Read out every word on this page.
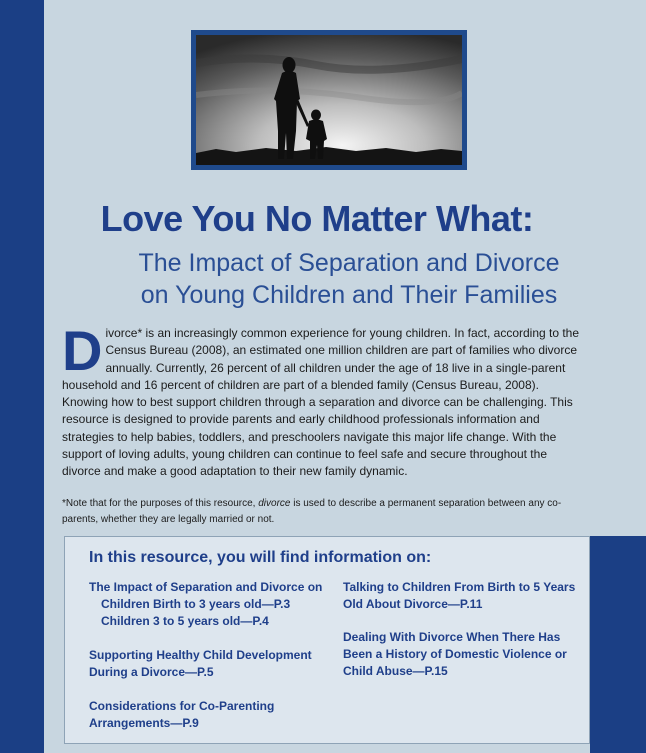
Love You No Matter What:
The Impact of Separation and Divorce
on Young Children and Their Families
Divorce* is an increasingly common experience for young children. In fact, according to the Census Bureau (2008), an estimated one million children are part of families who divorce annually. Currently, 26 percent of all children under the age of 18 live in a single-parent household and 16 percent of children are part of a blended family (Census Bureau, 2008). Knowing how to best support children through a separation and divorce can be challenging. This resource is designed to provide parents and early childhood professionals information and strategies to help babies, toddlers, and preschoolers navigate this major life change. With the support of loving adults, young children can continue to feel safe and secure throughout the divorce and make a good adaptation to their new family dynamic.
*Note that for the purposes of this resource, divorce is used to describe a permanent separation between any co-parents, whether they are legally married or not.
In this resource, you will find information on:
The Impact of Separation and Divorce on
Children Birth to 3 years old—P.3
Children 3 to 5 years old—P.4
Supporting Healthy Child Development
During a Divorce—P.5
Considerations for Co-Parenting
Arrangements—P.9
Talking to Children From Birth to 5 Years
Old About Divorce—P.11
Dealing With Divorce When There Has
Been a History of Domestic Violence or
Child Abuse—P.15
